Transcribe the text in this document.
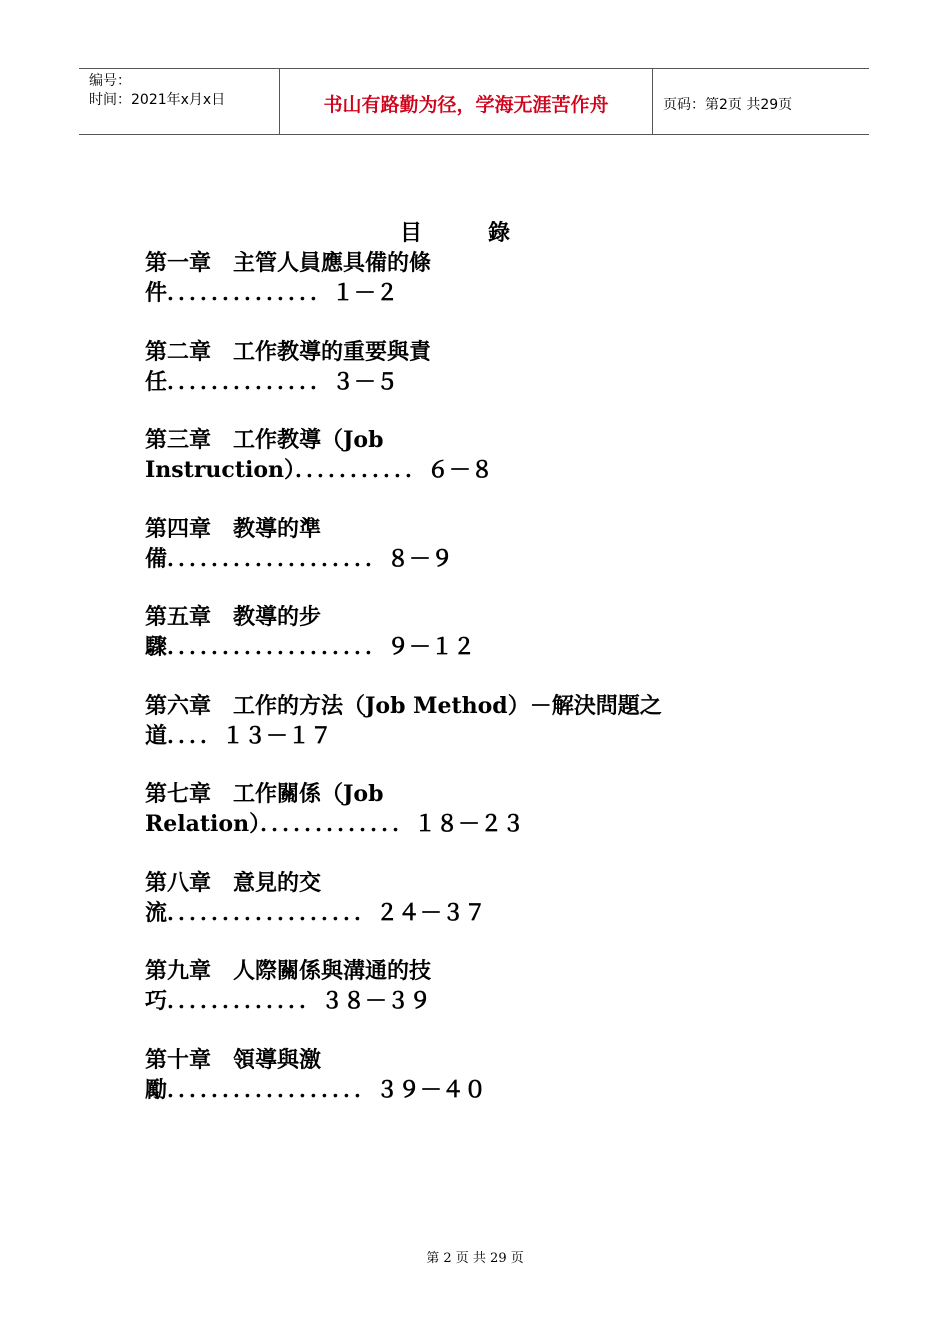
编号：
时间：2021年x月x日	书山有路勤为径，学海无涯苦作舟	页码：第2页 共29页
目	錄
第一章　主管人員應具備的條
件．．．．．．．．．．．．．．１－２
第二章　工作教導的重要與責
任．．．．．．．．．．．．．．３－５
第三章　工作教導（Job
Instruction）．．．．．．．．．．．６－８
第四章　教導的準
備．．．．．．．．．．．．．．．．．．．８－９
第五章　教導的步
驟．．．．．．．．．．．．．．．．．．．９－１２
第六章　工作的方法（Job Method）－解決問題之
道．．．．１３－１７
第七章　工作關係（Job
Relation）．．．．．．．．．．．．．１８－２３
第八章　意見的交
流．．．．．．．．．．．．．．．．．．２４－３７
第九章　人際關係與溝通的技
巧．．．．．．．．．．．．．３８－３９
第十章　領導與激
勵．．．．．．．．．．．．．．．．．．３９－４０
第 2 页 共 29 页
